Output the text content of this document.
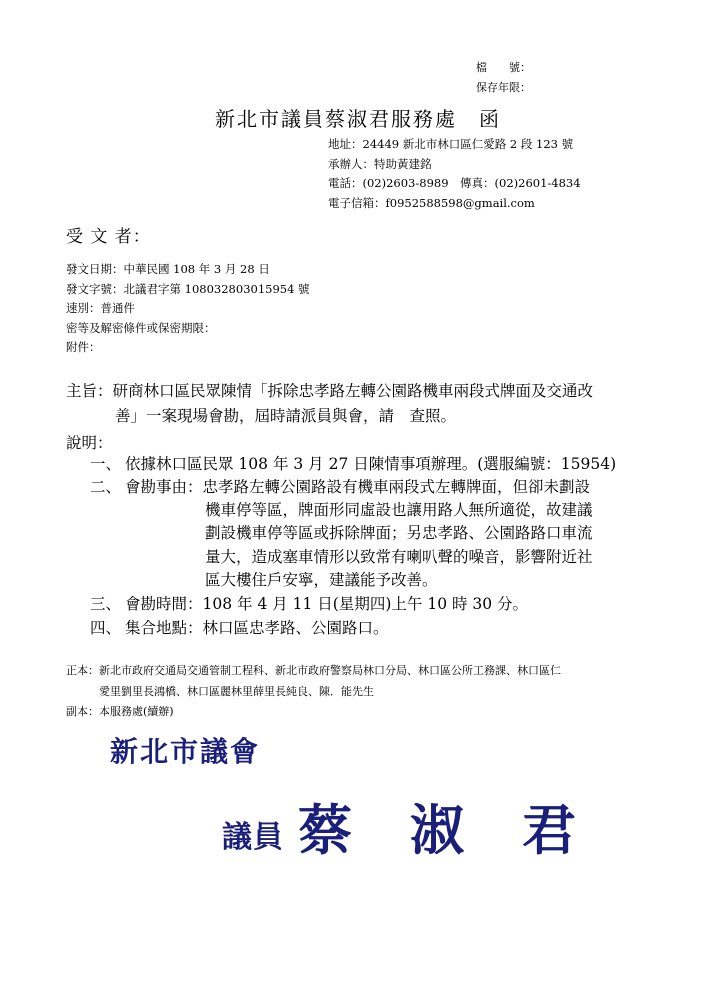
檔　　號：
保存年限：
新北市議員蔡淑君服務處　函
地址：24449 新北市林口區仁愛路 2 段 123 號
承辦人：特助黃建銘
電話：(02)2603-8989　傳真：(02)2601-4834
電子信箱：f0952588598@gmail.com
受 文 者：
發文日期：中華民國 108 年 3 月 28 日
發文字號：北議君字第 108032803015954 號
速別：普通件
密等及解密條件或保密期限：
附件：
主旨：研商林口區民眾陳情「拆除忠孝路左轉公園路機車兩段式牌面及交通改
善」一案現場會勘，屆時請派員與會，請　查照。
說明：
一、 依據林口區民眾 108 年 3 月 27 日陳情事項辦理。(選服編號：15954)
二、 會勘事由：忠孝路左轉公園路設有機車兩段式左轉牌面，但卻未劃設
機車停等區，牌面形同虛設也讓用路人無所適從，故建議
劃設機車停等區或拆除牌面；另忠孝路、公園路路口車流
量大，造成塞車情形以致常有喇叭聲的噪音，影響附近社
區大樓住戶安寧，建議能予改善。
三、 會勘時間：108 年 4 月 11 日(星期四)上午 10 時 30 分。
四、 集合地點：林口區忠孝路、公園路口。
正本：新北市政府交通局交通管制工程科、新北市政府警察局林口分局、林口區公所工務課、林口區仁
愛里劉里長鴻橋、林口區麗林里薛里長純良、陳．能先生
副本：本服務處(續辦)
新北市議會
議員 蔡　淑　君
